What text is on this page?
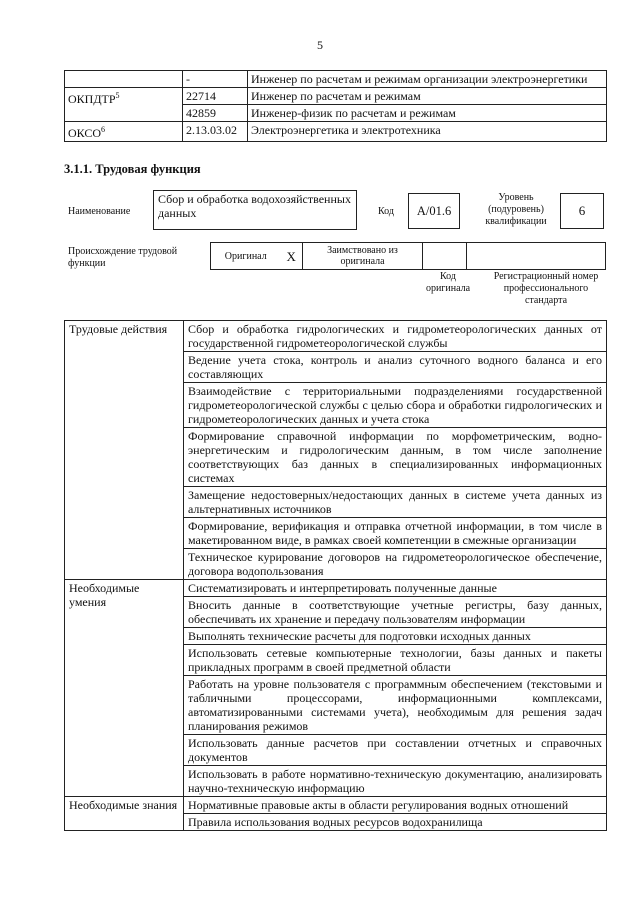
5
	-	Инженер по расчетам и режимам организации электроэнергетики
ОКПДТР$^5$	22714	Инженер по расчетам и режимам
	42859	Инженер-физик по расчетам и режимам
ОКСО$^6$	2.13.03.02	Электроэнергетика и электротехника
3.1.1. Трудовая функция
Наименование
Сбор и обработка водохозяйственных данных	Код	A/01.6
Уровень (подуровень) квалификации
6
Происхождение трудовой функции
Оригинал	X	Заимствовано из оригинала		
Код оригинала
Регистрационный номер профессионального стандарта
Трудовые действия	Сбор и обработка гидрологических и гидрометеорологических данных от государственной гидрометеорологической службы
	Ведение учета стока, контроль и анализ суточного водного баланса и его составляющих
	Взаимодействие с территориальными подразделениями государственной гидрометеорологической службы с целью сбора и обработки гидрологических и гидрометеорологических данных и учета стока
	Формирование справочной информации по морфометрическим, водно-энергетическим и гидрологическим данным, в том числе заполнение соответствующих баз данных в специализированных информационных системах
	Замещение недостоверных/недостающих данных в системе учета данных из альтернативных источников
	Формирование, верификация и отправка отчетной информации, в том числе в макетированном виде, в рамках своей компетенции в смежные организации
	Техническое курирование договоров на гидрометеорологическое обеспечение, договора водопользования
Необходимые умения	Систематизировать и интерпретировать полученные данные
	Вносить данные в соответствующие учетные регистры, базу данных, обеспечивать их хранение и передачу пользователям информации
	Выполнять технические расчеты для подготовки исходных данных
	Использовать сетевые компьютерные технологии, базы данных и пакеты прикладных программ в своей предметной области
	Работать на уровне пользователя с программным обеспечением (текстовыми и табличными процессорами, информационными комплексами, автоматизированными системами учета), необходимым для решения задач планирования режимов
	Использовать данные расчетов при составлении отчетных и справочных документов
	Использовать в работе нормативно-техническую документацию, анализировать научно-техническую информацию
Необходимые знания	Нормативные правовые акты в области регулирования водных отношений
	Правила использования водных ресурсов водохранилища
